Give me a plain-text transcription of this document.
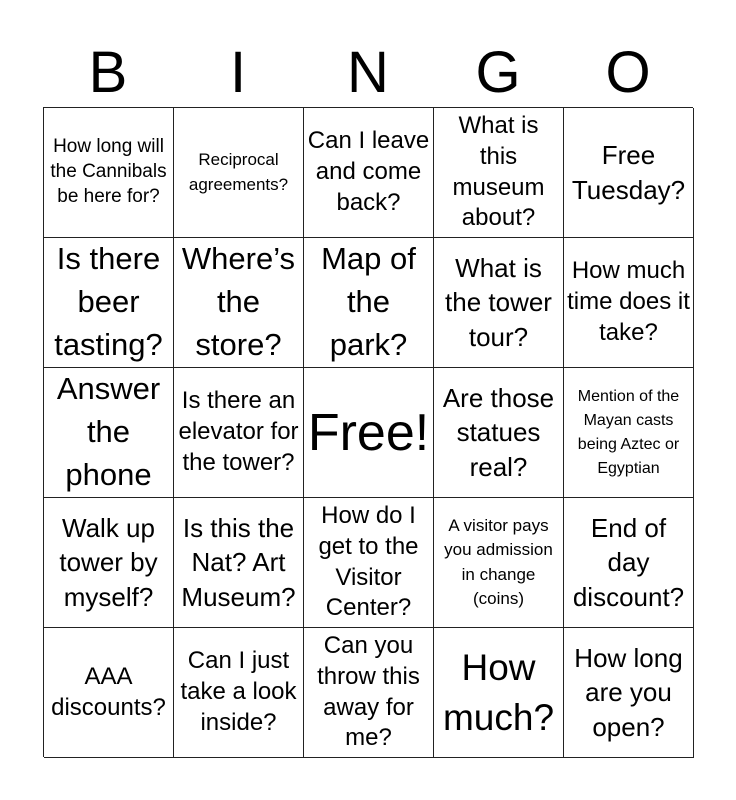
B	I	N	G	O
How long will the Cannibals be here for?
Reciprocal agreements?
Can I leave and come back?
What is this museum about?
Free Tuesday?
Is there beer tasting?
Where’s the store?
Map of the park?
What is the tower tour?
How much time does it take?
Answer the phone
Is there an elevator for the tower?
Free!
Are those statues real?
Mention of the Mayan casts being Aztec or Egyptian
Walk up tower by myself?
Is this the Nat? Art Museum?
How do I get to the Visitor Center?
A visitor pays you admission in change (coins)
End of day discount?
AAA discounts?
Can I just take a look inside?
Can you throw this away for me?
How much?
How long are you open?
